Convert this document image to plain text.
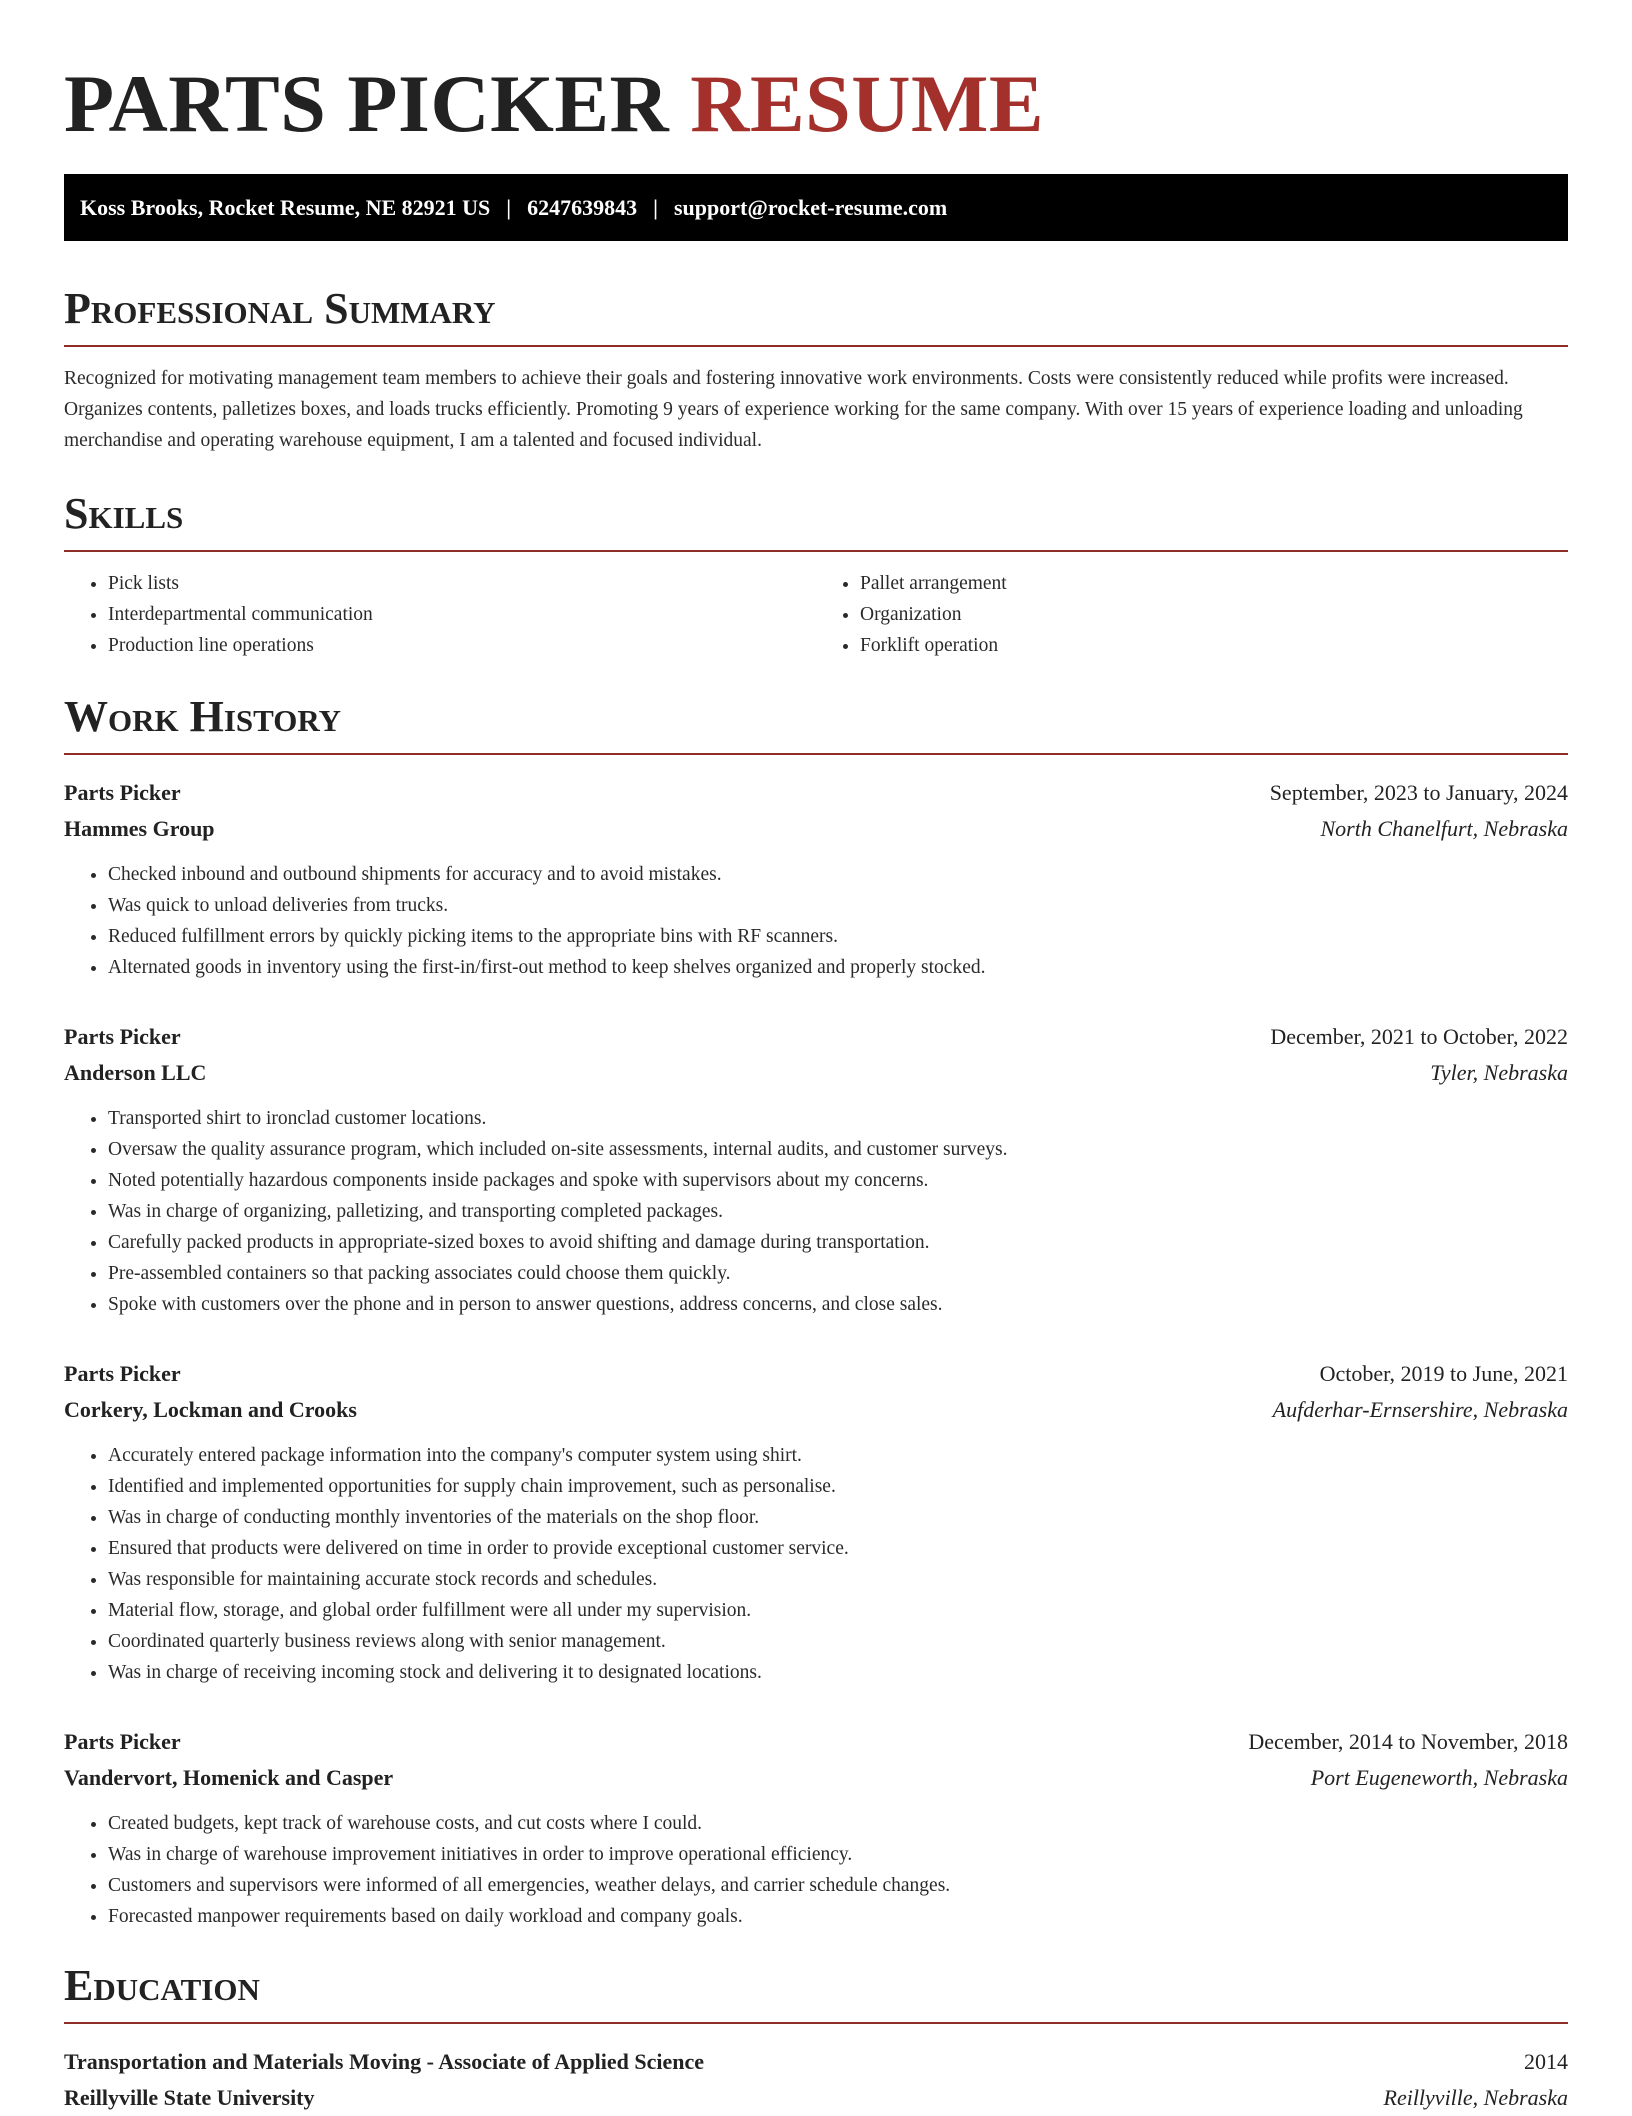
PARTS PICKER RESUME
Koss Brooks, Rocket Resume, NE 82921 US | 6247639843 | support@rocket-resume.com
Professional Summary

Recognized for motivating management team members to achieve their goals and fostering innovative work environments. Costs were consistently reduced while profits were increased. Organizes contents, palletizes boxes, and loads trucks efficiently. Promoting 9 years of experience working for the same company. With over 15 years of experience loading and unloading merchandise and operating warehouse equipment, I am a talented and focused individual.

Skills
• Pick lists
• Interdepartmental communication
• Production line operations
• Pallet arrangement
• Organization
• Forklift operation
Work History
Parts Picker	September, 2023 to January, 2024
Hammes Group	North Chanelfurt, Nebraska
• Checked inbound and outbound shipments for accuracy and to avoid mistakes.
• Was quick to unload deliveries from trucks.
• Reduced fulfillment errors by quickly picking items to the appropriate bins with RF scanners.
• Alternated goods in inventory using the first-in/first-out method to keep shelves organized and properly stocked.
Parts Picker	December, 2021 to October, 2022
Anderson LLC	Tyler, Nebraska
• Transported shirt to ironclad customer locations.
• Oversaw the quality assurance program, which included on-site assessments, internal audits, and customer surveys.
• Noted potentially hazardous components inside packages and spoke with supervisors about my concerns.
• Was in charge of organizing, palletizing, and transporting completed packages.
• Carefully packed products in appropriate-sized boxes to avoid shifting and damage during transportation.
• Pre-assembled containers so that packing associates could choose them quickly.
• Spoke with customers over the phone and in person to answer questions, address concerns, and close sales.
Parts Picker	October, 2019 to June, 2021
Corkery, Lockman and Crooks	Aufderhar-Ernsershire, Nebraska
• Accurately entered package information into the company's computer system using shirt.
• Identified and implemented opportunities for supply chain improvement, such as personalise.
• Was in charge of conducting monthly inventories of the materials on the shop floor.
• Ensured that products were delivered on time in order to provide exceptional customer service.
• Was responsible for maintaining accurate stock records and schedules.
• Material flow, storage, and global order fulfillment were all under my supervision.
• Coordinated quarterly business reviews along with senior management.
• Was in charge of receiving incoming stock and delivering it to designated locations.
Parts Picker	December, 2014 to November, 2018
Vandervort, Homenick and Casper	Port Eugeneworth, Nebraska
• Created budgets, kept track of warehouse costs, and cut costs where I could.
• Was in charge of warehouse improvement initiatives in order to improve operational efficiency.
• Customers and supervisors were informed of all emergencies, weather delays, and carrier schedule changes.
• Forecasted manpower requirements based on daily workload and company goals.
Education
Transportation and Materials Moving - Associate of Applied Science	2014
Reillyville State University	Reillyville, Nebraska
